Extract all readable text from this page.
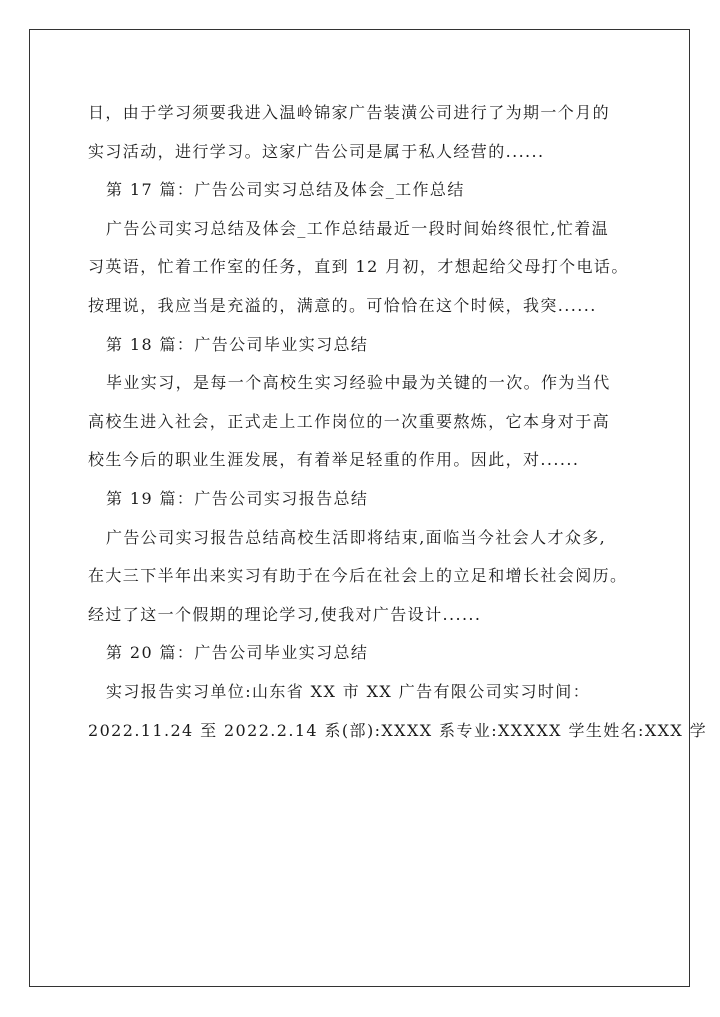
日，由于学习须要我进入温岭锦家广告装潢公司进行了为期一个月的
实习活动，进行学习。这家广告公司是属于私人经营的......
第 17 篇：广告公司实习总结及体会_工作总结
广告公司实习总结及体会_工作总结最近一段时间始终很忙,忙着温
习英语，忙着工作室的任务，直到 12 月初，才想起给父母打个电话。
按理说，我应当是充溢的，满意的。可恰恰在这个时候，我突......
第 18 篇：广告公司毕业实习总结
毕业实习，是每一个高校生实习经验中最为关键的一次。作为当代
高校生进入社会，正式走上工作岗位的一次重要熬炼，它本身对于高
校生今后的职业生涯发展，有着举足轻重的作用。因此，对......
第 19 篇：广告公司实习报告总结
广告公司实习报告总结高校生活即将结束,面临当今社会人才众多,
在大三下半年出来实习有助于在今后在社会上的立足和增长社会阅历。
经过了这一个假期的理论学习,使我对广告设计......
第 20 篇：广告公司毕业实习总结
实习报告实习单位:山东省 XX 市 XX 广告有限公司实习时间：
2022.11.24 至 2022.2.14 系(部):XXXX 系专业:XXXXX 学生姓名:XXX 学
